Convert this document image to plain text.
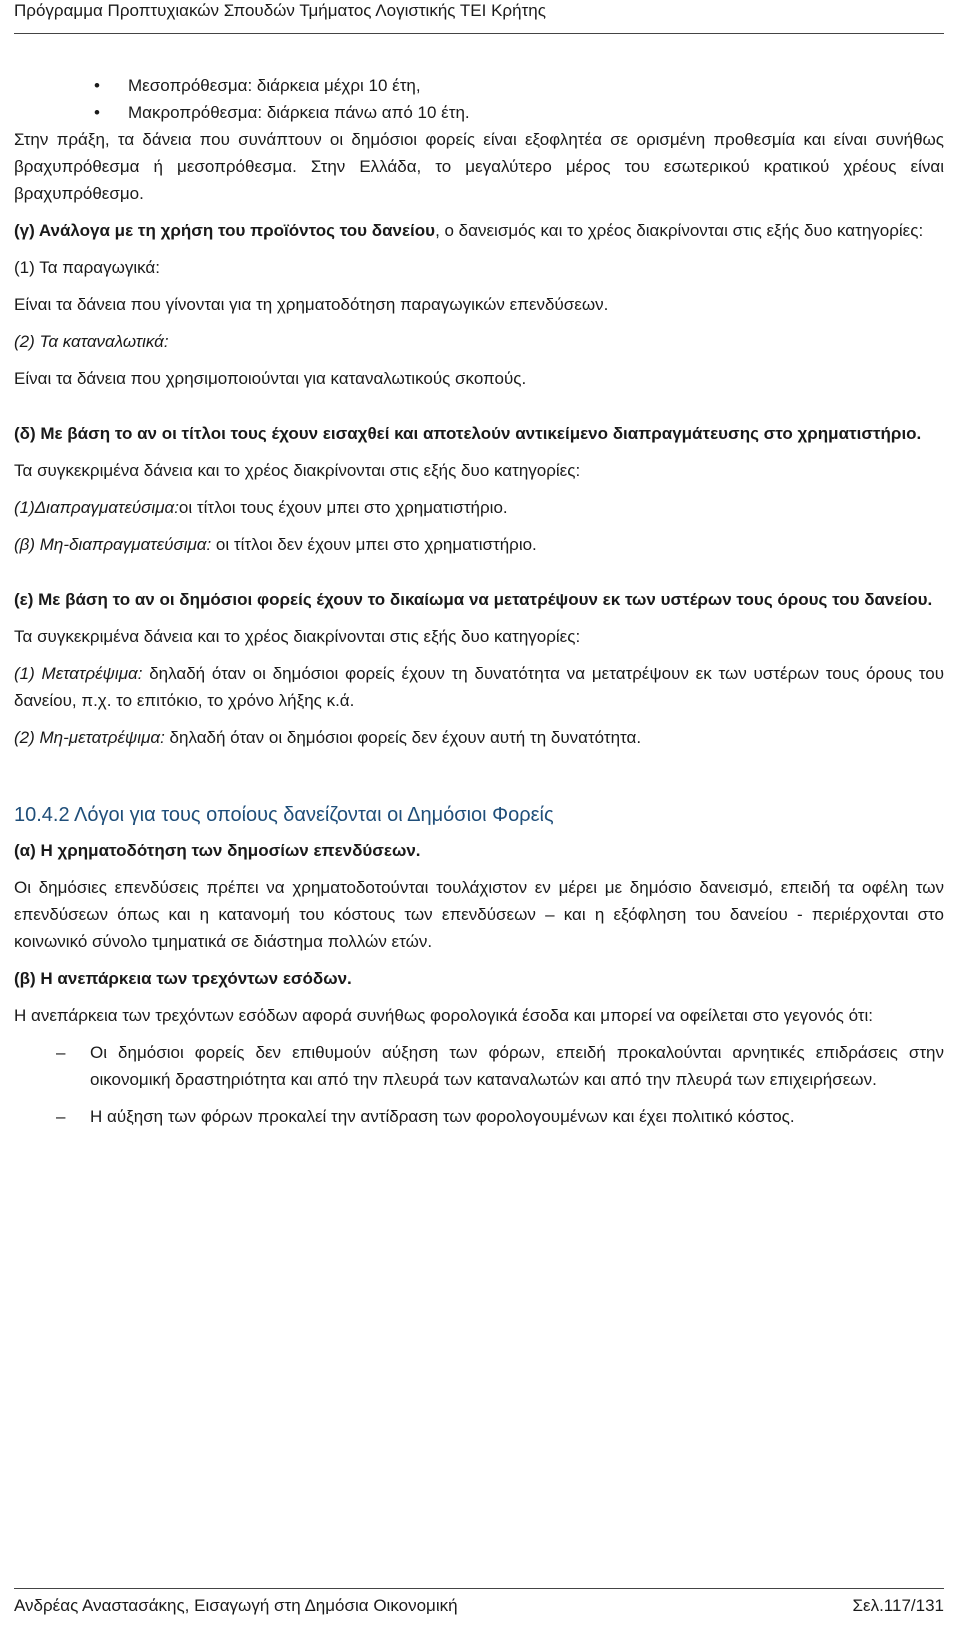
Πρόγραμμα Προπτυχιακών Σπουδών Τμήματος Λογιστικής ΤΕΙ Κρήτης
• Μεσοπρόθεσμα: διάρκεια μέχρι 10 έτη,
• Μακροπρόθεσμα: διάρκεια πάνω από 10 έτη.

Στην πράξη, τα δάνεια που συνάπτουν οι δημόσιοι φορείς είναι εξοφλητέα σε ορισμένη προθεσμία και είναι συνήθως βραχυπρόθεσμα ή μεσοπρόθεσμα. Στην Ελλάδα, το μεγαλύτερο μέρος του εσωτερικού κρατικού χρέους είναι βραχυπρόθεσμο.

(γ) Ανάλογα με τη χρήση του προϊόντος του δανείου, ο δανεισμός και το χρέος διακρίνονται στις εξής δυο κατηγορίες:

(1) Τα παραγωγικά:

Είναι τα δάνεια που γίνονται για τη χρηματοδότηση παραγωγικών επενδύσεων.

(2) Τα καταναλωτικά:

Είναι τα δάνεια που χρησιμοποιούνται για καταναλωτικούς σκοπούς.

(δ) Με βάση το αν οι τίτλοι τους έχουν εισαχθεί και αποτελούν αντικείμενο διαπραγμάτευσης στο χρηματιστήριο.

Τα συγκεκριμένα δάνεια και το χρέος διακρίνονται στις εξής δυο κατηγορίες:

(1)Διαπραγματεύσιμα:οι τίτλοι τους έχουν μπει στο χρηματιστήριο.

(β) Μη-διαπραγματεύσιμα: οι τίτλοι δεν έχουν μπει στο χρηματιστήριο.

(ε) Με βάση το αν οι δημόσιοι φορείς έχουν το δικαίωμα να μετατρέψουν εκ των υστέρων τους όρους του δανείου.

Τα συγκεκριμένα δάνεια και το χρέος διακρίνονται στις εξής δυο κατηγορίες:

(1) Μετατρέψιμα: δηλαδή όταν οι δημόσιοι φορείς έχουν τη δυνατότητα να μετατρέψουν εκ των υστέρων τους όρους του δανείου, π.χ. το επιτόκιο, το χρόνο λήξης κ.ά.

(2) Μη-μετατρέψιμα: δηλαδή όταν οι δημόσιοι φορείς δεν έχουν αυτή τη δυνατότητα.

10.4.2 Λόγοι για τους οποίους δανείζονται οι Δημόσιοι Φορείς

(α) Η χρηματοδότηση των δημοσίων επενδύσεων.

Οι δημόσιες επενδύσεις πρέπει να χρηματοδοτούνται τουλάχιστον εν μέρει με δημόσιο δανεισμό, επειδή τα οφέλη των επενδύσεων όπως και η κατανομή του κόστους των επενδύσεων – και η εξόφληση του δανείου - περιέρχονται στο κοινωνικό σύνολο τμηματικά σε διάστημα πολλών ετών.

(β) Η ανεπάρκεια των τρεχόντων εσόδων.

Η ανεπάρκεια των τρεχόντων εσόδων αφορά συνήθως φορολογικά έσοδα και μπορεί να οφείλεται στο γεγονός ότι:

– Οι δημόσιοι φορείς δεν επιθυμούν αύξηση των φόρων, επειδή προκαλούνται αρνητικές επιδράσεις στην οικονομική δραστηριότητα και από την πλευρά των καταναλωτών και από την πλευρά των επιχειρήσεων.
– Η αύξηση των φόρων προκαλεί την αντίδραση των φορολογουμένων και έχει πολιτικό κόστος.
Ανδρέας Αναστασάκης, Εισαγωγή στη Δημόσια Οικονομική	Σελ.117/131
